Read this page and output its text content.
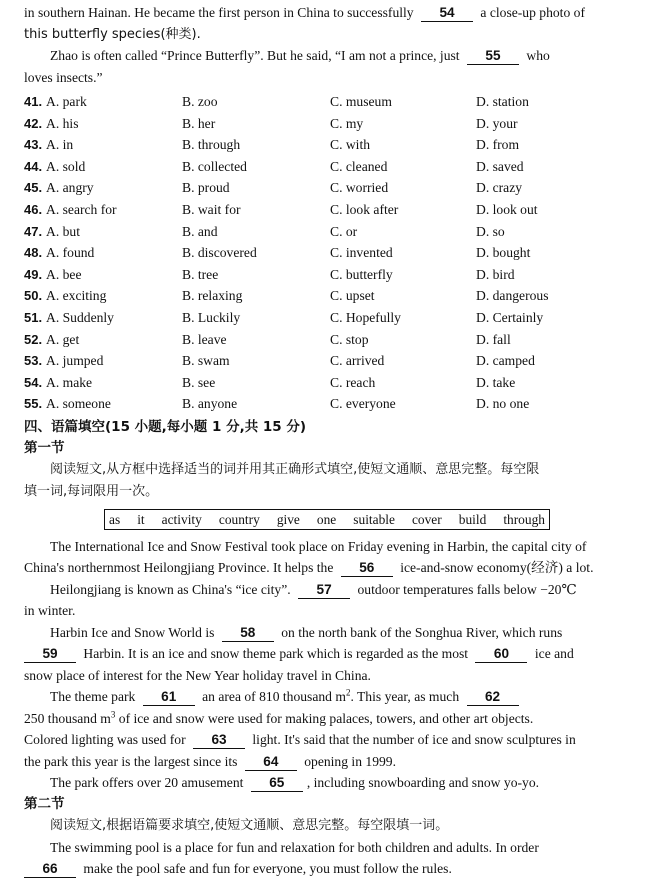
in southern Hainan. He became the first person in China to successfully 54 a close-up photo of
this butterfly species(种类).
Zhao is often called “Prince Butterfly”. But he said, “I am not a prince, just 55 who
loves insects.”
41. A. park	B. zoo	C. museum	D. station
42. A. his	B. her	C. my	D. your
43. A. in	B. through	C. with	D. from
44. A. sold	B. collected	C. cleaned	D. saved
45. A. angry	B. proud	C. worried	D. crazy
46. A. search for	B. wait for	C. look after	D. look out
47. A. but	B. and	C. or	D. so
48. A. found	B. discovered	C. invented	D. bought
49. A. bee	B. tree	C. butterfly	D. bird
50. A. exciting	B. relaxing	C. upset	D. dangerous
51. A. Suddenly	B. Luckily	C. Hopefully	D. Certainly
52. A. get	B. leave	C. stop	D. fall
53. A. jumped	B. swam	C. arrived	D. camped
54. A. make	B. see	C. reach	D. take
55. A. someone	B. anyone	C. everyone	D. no one
四、语篇填空(15 小题,每小题 1 分,共 15 分)
第一节
阅读短文,从方框中选择适当的词并用其正确形式填空,使短文通顺、意思完整。每空限
填一词,每词限用一次。
as it activity country give one suitable cover build through
The International Ice and Snow Festival took place on Friday evening in Harbin, the capital city of
China's northernmost Heilongjiang Province. It helps the 56 ice-and-snow economy(经济) a lot.
Heilongjiang is known as China's “ice city”. 57 outdoor temperatures falls below −20℃
in winter.
Harbin Ice and Snow World is 58 on the north bank of the Songhua River, which runs
59 Harbin. It is an ice and snow theme park which is regarded as the most 60 ice and
snow place of interest for the New Year holiday travel in China.
The theme park 61 an area of 810 thousand $m^2$. This year, as much 62
250 thousand $m^3$ of ice and snow were used for making palaces, towers, and other art objects.
Colored lighting was used for 63 light. It's said that the number of ice and snow sculptures in
the park this year is the largest since its 64 opening in 1999.
The park offers over 20 amusement 65 , including snowboarding and snow yo-yo.
第二节
阅读短文,根据语篇要求填空,使短文通顺、意思完整。每空限填一词。
The swimming pool is a place for fun and relaxation for both children and adults. In order
66 make the pool safe and fun for everyone, you must follow the rules.
